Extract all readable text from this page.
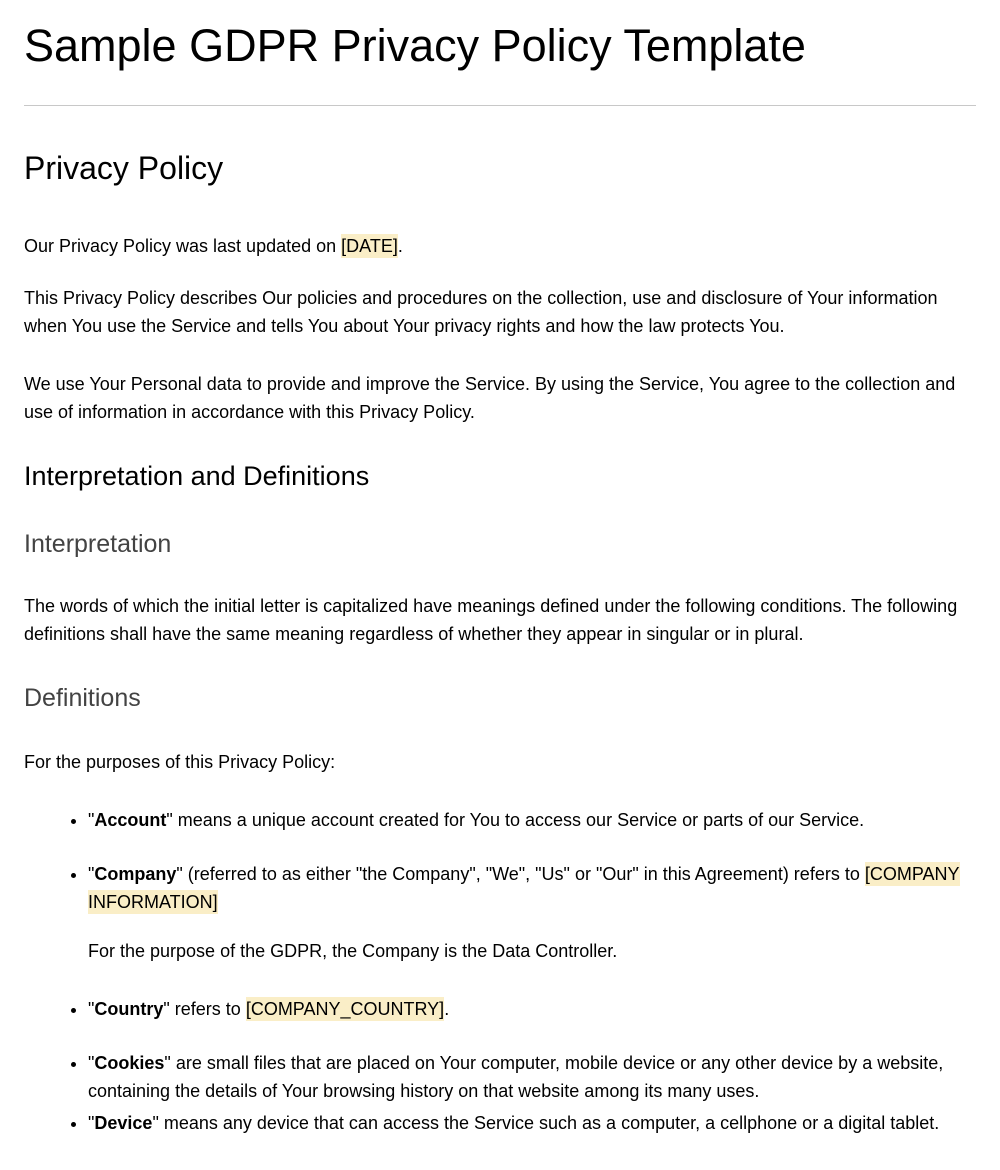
Sample GDPR Privacy Policy Template
Privacy Policy

Our Privacy Policy was last updated on [DATE].

This Privacy Policy describes Our policies and procedures on the collection, use and disclosure of Your information when You use the Service and tells You about Your privacy rights and how the law protects You.

We use Your Personal data to provide and improve the Service. By using the Service, You agree to the collection and use of information in accordance with this Privacy Policy.

Interpretation and Definitions
Interpretation

The words of which the initial letter is capitalized have meanings defined under the following conditions. The following definitions shall have the same meaning regardless of whether they appear in singular or in plural.

Definitions

For the purposes of this Privacy Policy:

• "Account" means a unique account created for You to access our Service or parts of our Service.
• "Company" (referred to as either "the Company", "We", "Us" or "Our" in this Agreement) refers to [COMPANY INFORMATION]

For the purpose of the GDPR, the Company is the Data Controller.

• "Country" refers to [COMPANY_COUNTRY].
• "Cookies" are small files that are placed on Your computer, mobile device or any other device by a website, containing the details of Your browsing history on that website among its many uses.
• "Device" means any device that can access the Service such as a computer, a cellphone or a digital tablet.
